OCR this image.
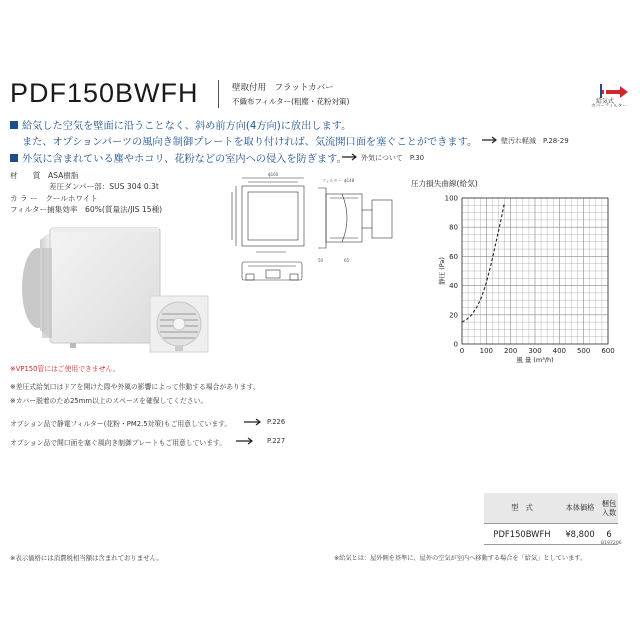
PDF150BWFH	壁取付用　フラットカバー
不織布フィルター(粗塵・花粉対策)	給気式
カバーフィルター
給気した空気を壁面に沿うことなく、斜め前方向(4方向)に放出します。
また、オプションパーツの風向き制御プレートを取り付ければ、気流開口面を塞ぐことができます。	壁汚れ軽減　P.28-29
外気に含まれている塵やホコリ、花粉などの室内への侵入を防ぎます。	外気について　P.30
材　　質　 ASA樹脂
差圧ダンパー部：SUS 304 0.3t
カ ラ ー　 クールホワイト
フィルター捕集効率　60%(質量法/JIS 15種)
ϕ160
フィルター ϕ148
50	65
圧力損失曲線(給気)
0 100 200 300 400 500 600
0
20
40
60
80
100
風 量 (m³/h)
静圧 (Pa)
※VP150管にはご使用できません。
※差圧式給気口はドアを開けた際や外風の影響によって作動する場合があります。
※カバー脱着のため25mm以上のスペースを確保してください。
オプション品で静電フィルター(花粉・PM2.5対策)もご用意しています。	P.226
オプション品で開口面を塞ぐ風向き制御プレートもご用意しています。	P.227
型　式	本体価格	梱包入数
PDF150BWFH	¥8,800	6
B197206
※表示価格には消費税相当額は含まれておりません。	※給気とは：屋外側を基準に、屋外の空気が室内へ移動する場合を「給気」としています。
